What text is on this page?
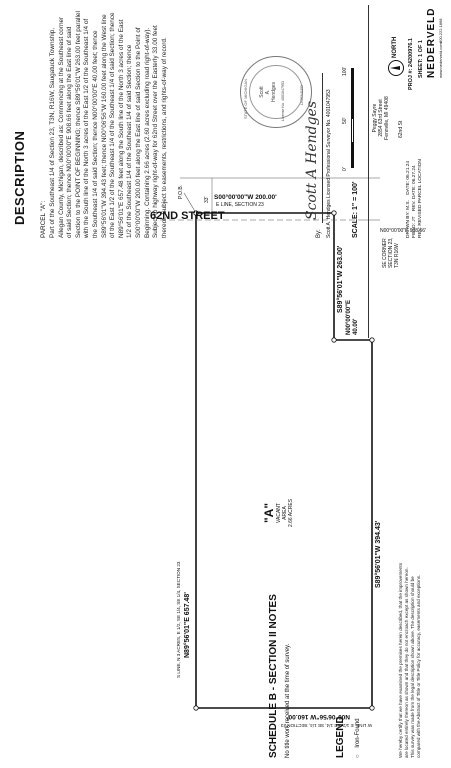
62ND STREET
E LINE, SECTION 23
S00°00'00"W 200.00'
N00°00'00"E 908.66'
P.O.B.
33'
SE CORNER SECTION 23, T3N R16W
"A" VACANT AREA 2.66 ACRES
N89°56'01"E 657.48'
S LINE, N 3 ACRES, E 1/2, SE 1/4, SE 1/4, SECTION 23
S89°56'01"W 263.00'
N00°00'00"E 40.00'
S89°56'01"W 394.43'
N00°06'56"W 160.00'
W LINE, E 1/2, SE 1/4, SE 1/4, SECTION 23
DESCRIPTION PARCEL "A": Part of the Southeast 1/4 of Section 23, T3N, R16W, Saugatuck Township, Allegan County, Michigan, described as: Commencing at the Southeast corner of said Section; thence N00°00'00"E 908.66 feet along the East line of said Section to the POINT OF BEGINNING; thence S89°56'01"W 263.00 feet parallel with the South line of the North 3 acres of the East 1/2 of the Southeast 1/4 of the Southeast 1/4 of said Section; thence N00°00'00"E 40.00 feet; thence S89°56'01"W 394.43 feet; thence N00°06'56"W 160.00 feet along the West line of the East 1/2 of the Southeast 1/4 of the Southeast 1/4 of said Section; thence N89°56'01"E 657.48 feet along the South line of the North 3 acres of the East 1/2 of the Southeast 1/4 of the Southeast 1/4 of said Section; thence S00°00'00"W 200.00 feet along the East line of said Section to the Point of Beginning. Containing 2.66 acres (2.60 acres excluding road right-of-way). Subject to highway right-of-way for 62nd Street over the Easterly 33.00 feet thereof. Subject to easements, restrictions, and rights-of-way of record.	STATE OF MICHIGAN Scott A. Hendges License No. 4001047953	LICENSED
By:
Scott A Hendges Scott A. Hendges Licensed Professional Surveyor No. 4001047953 0'
50'
100'
SCALE: 1" = 100'
NORTH
Peggy Sayre 2854 63rd Street Fennville, MI 49408 62nd St
DRAWN BY: M.S.    DATE: 06.21.24
FIELD: JT    REV. DATE: 06.27.24 REV: REVISED PARCEL LOCATION
PROJ #: 24200976.1 SHEET: 1 OF 1 NEDERVELD www.nederveld.com
800.222.1868
SCHEDULE B - SECTION II NOTES No title work received at the time of survey.	LEGEND ○    Iron-Found	We hereby certify that we have examined the premises herein described, that the improvements are located entirely thereon as shown and that they do not encroach except as shown hereon. This survey was made from the legal description shown above. The description should be compared with the Abstract of Title or Title Policy for accuracy, easements and exceptions.
